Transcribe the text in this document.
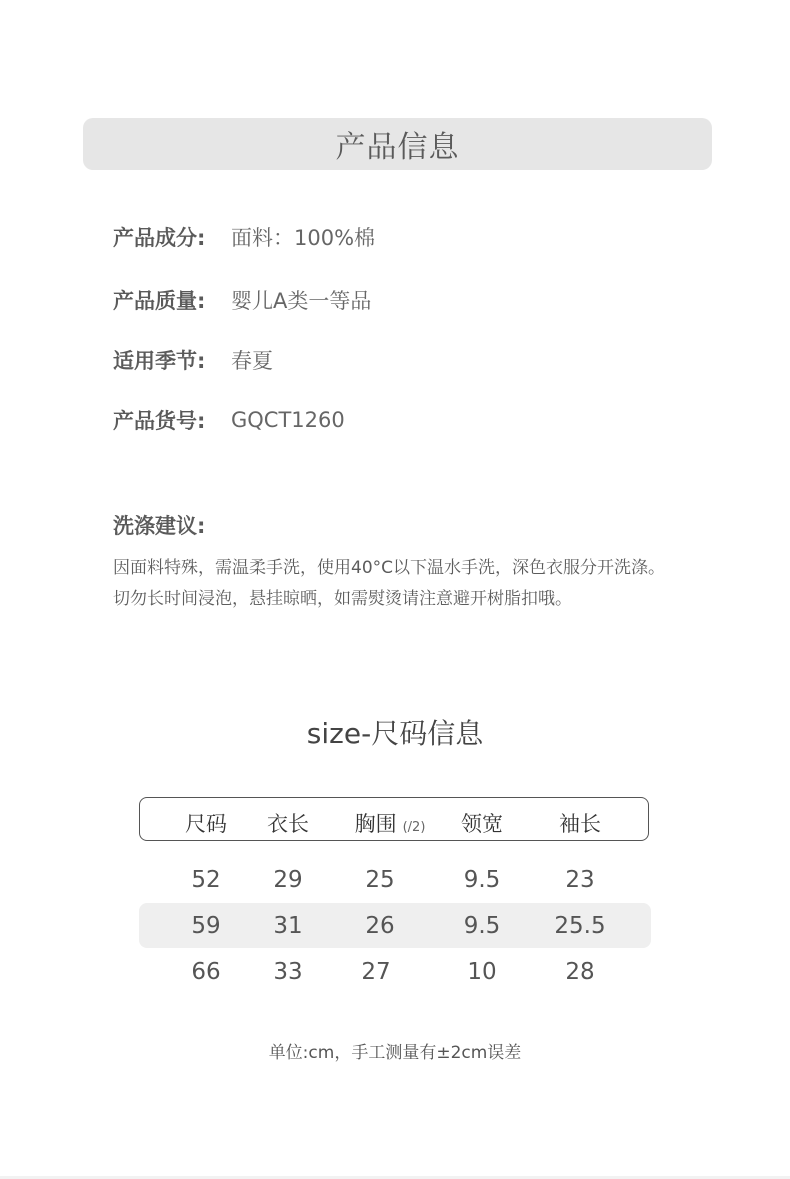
产品信息
产品成分:	面料：100%棉
产品质量:	婴儿A类一等品
适用季节:	春夏
产品货号:	GQCT1260
洗涤建议:
因面料特殊，需温柔手洗，使用40°C以下温水手洗，深色衣服分开洗涤。
切勿长时间浸泡，悬挂晾晒，如需熨烫请注意避开树脂扣哦。
size-尺码信息
尺码 衣长 胸围 (/2) 领宽	袖长
52 29	25	9.5	23
59 31	26	9.5 25.5
66 33	27	10	28
单位:cm，手工测量有±2cm误差
